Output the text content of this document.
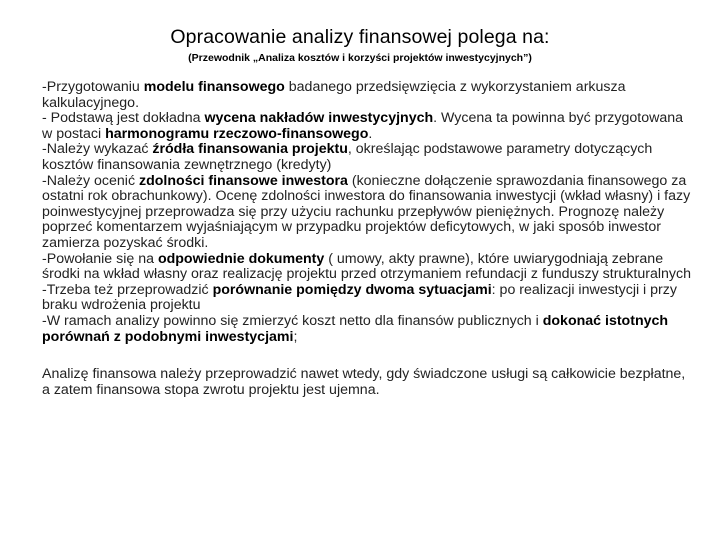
Opracowanie analizy finansowej polega na:
(Przewodnik „Analiza kosztów i korzyści projektów inwestycyjnych”)

-Przygotowaniu modelu finansowego badanego przedsięwzięcia z wykorzystaniem arkusza kalkulacyjnego.

- Podstawą jest dokładna wycena nakładów inwestycyjnych. Wycena ta powinna być przygotowana w postaci harmonogramu rzeczowo-finansowego.

-Należy wykazać źródła finansowania projektu, określając podstawowe parametry dotyczących kosztów finansowania zewnętrznego (kredyty)

-Należy ocenić zdolności finansowe inwestora (konieczne dołączenie sprawozdania finansowego za ostatni rok obrachunkowy). Ocenę zdolności inwestora do finansowania inwestycji (wkład własny) i fazy poinwestycyjnej przeprowadza się przy użyciu rachunku przepływów pieniężnych. Prognozę należy poprzeć komentarzem wyjaśniającym w przypadku projektów deficytowych, w jaki sposób inwestor zamierza pozyskać środki.

-Powołanie się na odpowiednie dokumenty ( umowy, akty prawne), które uwiarygodniają zebrane środki na wkład własny oraz realizację projektu przed otrzymaniem refundacji z funduszy strukturalnych

-Trzeba też przeprowadzić porównanie pomiędzy dwoma sytuacjami: po realizacji inwestycji i przy braku wdrożenia projektu

-W ramach analizy powinno się zmierzyć koszt netto dla finansów publicznych i dokonać istotnych porównań z podobnymi inwestycjami;

Analizę finansowa należy przeprowadzić nawet wtedy, gdy świadczone usługi są całkowicie bezpłatne, a zatem finansowa stopa zwrotu projektu jest ujemna.
